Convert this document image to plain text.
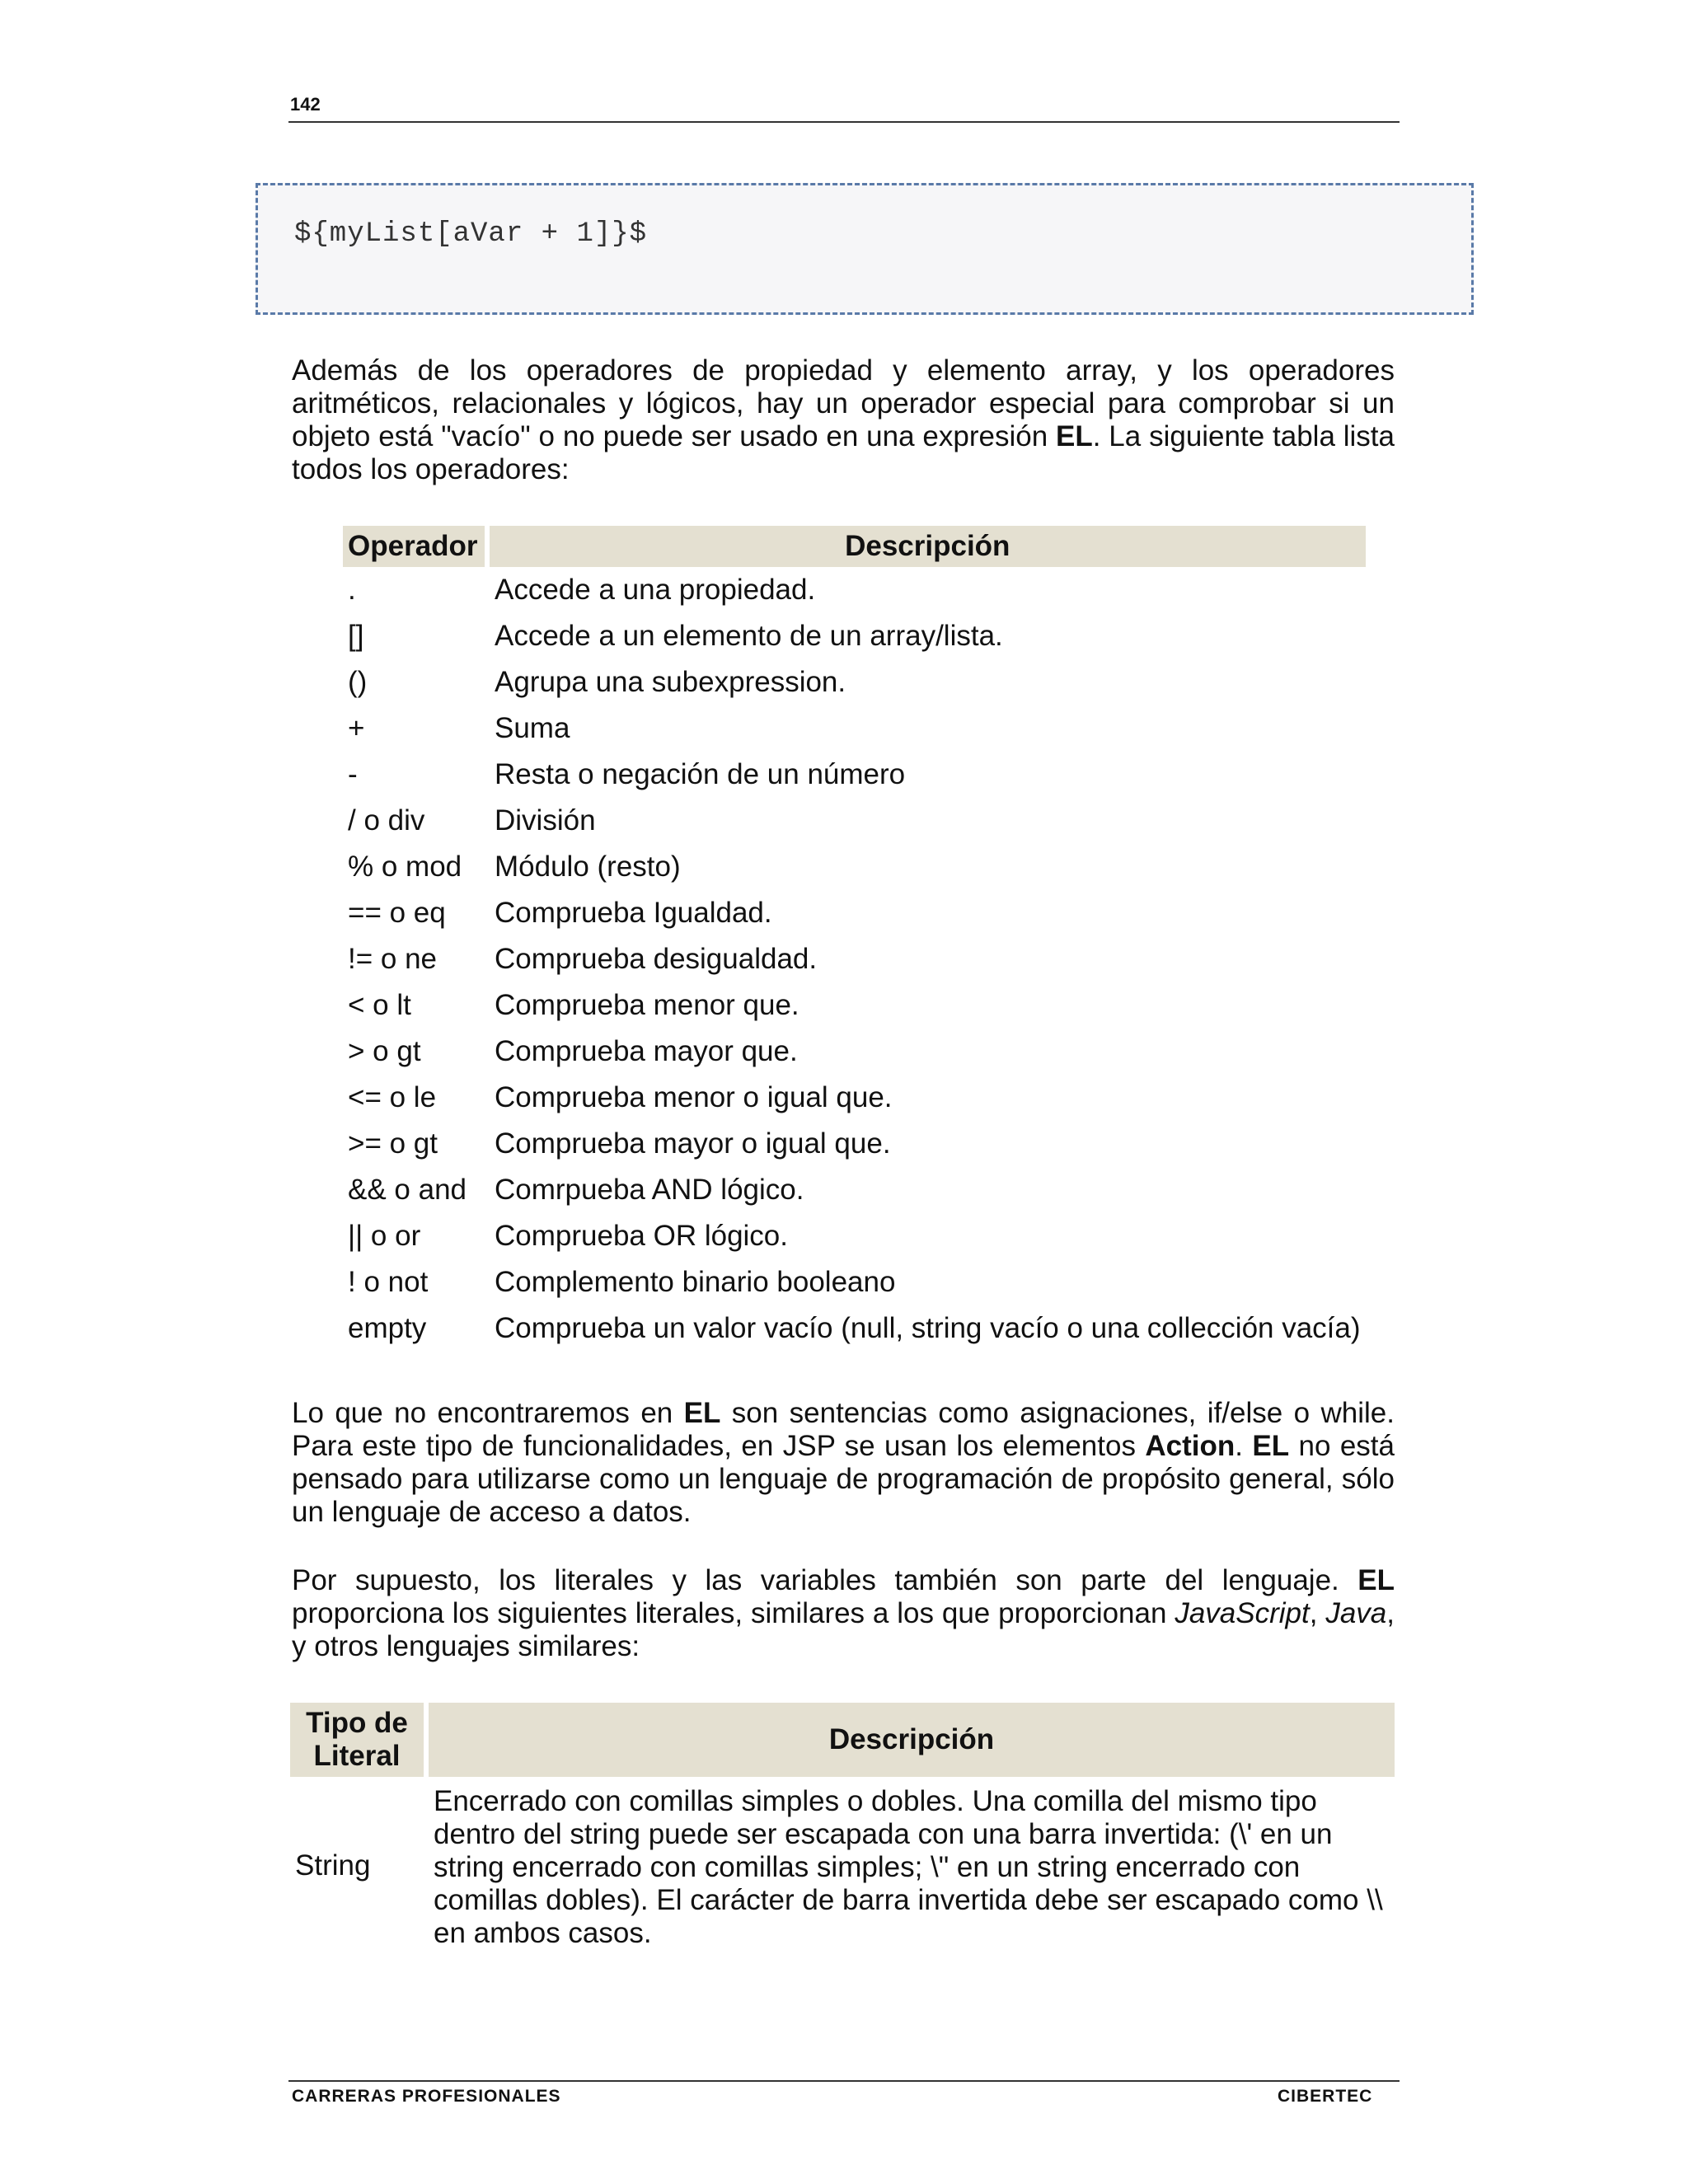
142
${myList[aVar + 1]}$
Además de los operadores de propiedad y elemento array, y los operadores aritméticos, relacionales y lógicos, hay un operador especial para comprobar si un objeto está "vacío" o no puede ser usado en una expresión EL. La siguiente tabla lista todos los operadores:
Operador	Descripción
.	Accede a una propiedad.
[]	Accede a un elemento de un array/lista.
()	Agrupa una subexpression.
+	Suma
-	Resta o negación de un número
/ o div	División
% o mod	Módulo (resto)
== o eq	Comprueba Igualdad.
!= o ne	Comprueba desigualdad.
< o lt	Comprueba menor que.
> o gt	Comprueba mayor que.
<= o le	Comprueba menor o igual que.
>= o gt	Comprueba mayor o igual que.
&& o and	Comrpueba AND lógico.
|| o or	Comprueba OR lógico.
! o not	Complemento binario booleano
empty	Comprueba un valor vacío (null, string vacío o una collección vacía)
Lo que no encontraremos en EL son sentencias como asignaciones, if/else o while. Para este tipo de funcionalidades, en JSP se usan los elementos Action. EL no está pensado para utilizarse como un lenguaje de programación de propósito general, sólo un lenguaje de acceso a datos.
Por supuesto, los literales y las variables también son parte del lenguaje. EL proporciona los siguientes literales, similares a los que proporcionan JavaScript, Java, y otros lenguajes similares:
Tipo de
Literal	Descripción
String	Encerrado con comillas simples o dobles. Una comilla del mismo tipo dentro del string puede ser escapada con una barra invertida: (\' en un string encerrado con comillas simples; \" en un string encerrado con comillas dobles). El carácter de barra invertida debe ser escapado como \\ en ambos casos.
CARRERAS PROFESIONALES	CIBERTEC
